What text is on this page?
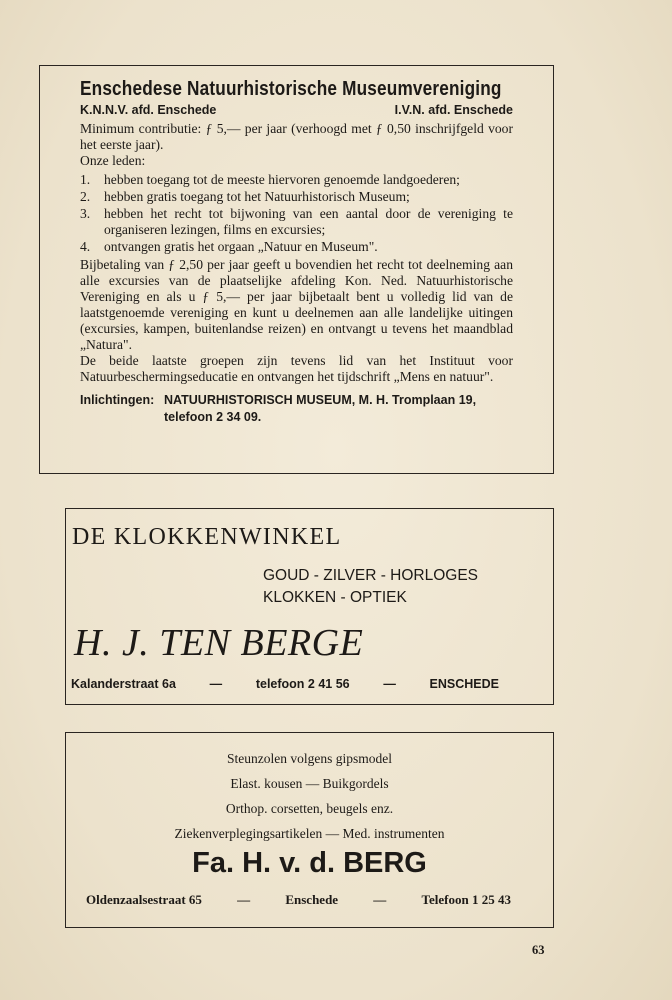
Enschedese Natuurhistorische Museumvereniging
K.N.N.V. afd. Enschede	I.V.N. afd. Enschede

Minimum contributie: ƒ 5,— per jaar (verhoogd met ƒ 0,50 inschrijfgeld voor het eerste jaar).

Onze leden:

1.	hebben toegang tot de meeste hiervoren genoemde landgoederen;
2.	hebben gratis toegang tot het Natuurhistorisch Museum;
3.	hebben het recht tot bijwoning van een aantal door de vereniging te organiseren lezingen, films en excursies;
4.	ontvangen gratis het orgaan „Natuur en Museum".

Bijbetaling van ƒ 2,50 per jaar geeft u bovendien het recht tot deelneming aan alle excursies van de plaatselijke afdeling Kon. Ned. Natuurhistorische Vereniging en als u ƒ 5,— per jaar bijbetaalt bent u volledig lid van de laatstgenoemde vereniging en kunt u deelnemen aan alle landelijke uitingen (excursies, kampen, buitenlandse reizen) en ontvangt u tevens het maandblad „Natura".

De beide laatste groepen zijn tevens lid van het Instituut voor Natuurbeschermingseducatie en ontvangen het tijdschrift „Mens en natuur".

Inlichtingen: NATUURHISTORISCH MUSEUM, M. H. Tromplaan 19,
telefoon 2 34 09.
DE KLOKKENWINKEL
GOUD - ZILVER - HORLOGES
KLOKKEN - OPTIEK
H. J. TEN BERGE
Kalanderstraat 6a	—	telefoon 2 41 56	—	ENSCHEDE
Steunzolen volgens gipsmodel
Elast. kousen — Buikgordels
Orthop. corsetten, beugels enz.
Ziekenverplegingsartikelen — Med. instrumenten
Fa. H. v. d. BERG
Oldenzaalsestraat 65	—	Enschede	—	Telefoon 1 25 43
63
